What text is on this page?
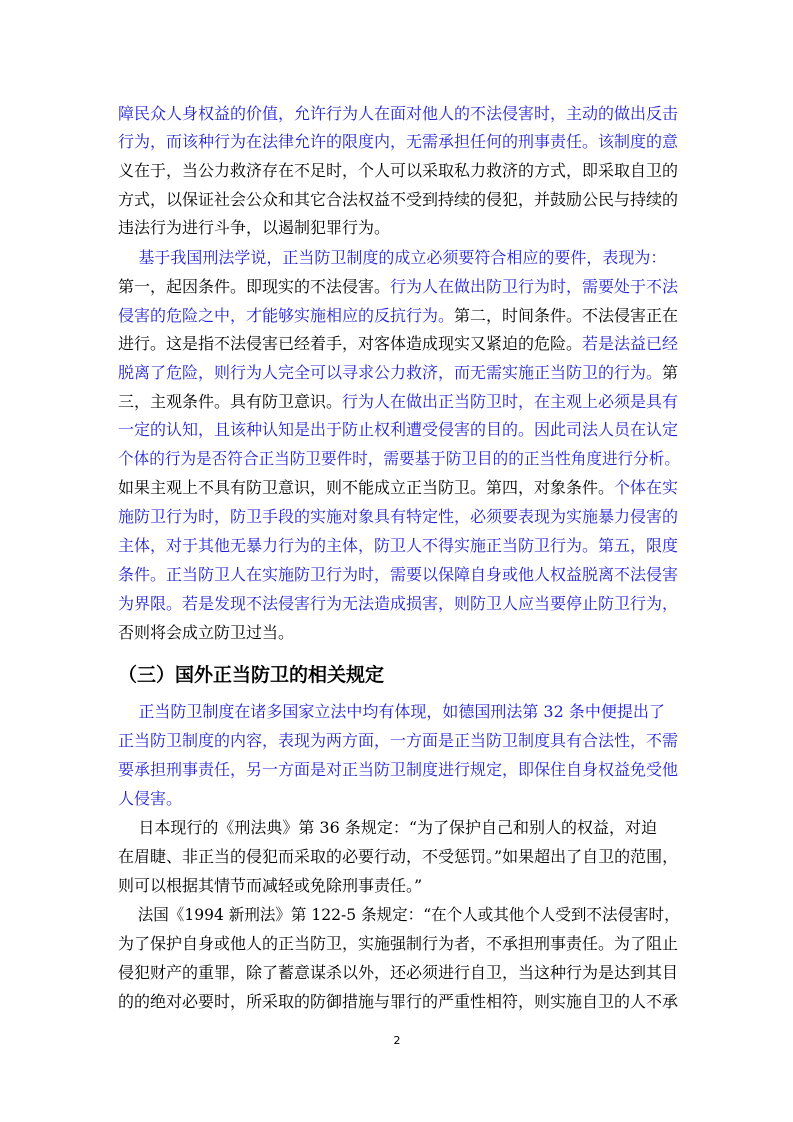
障民众人身权益的价值，允许行为人在面对他人的不法侵害时，主动的做出反击
行为，而该种行为在法律允许的限度内，无需承担任何的刑事责任。该制度的意
义在于，当公力救济存在不足时，个人可以采取私力救济的方式，即采取自卫的
方式，以保证社会公众和其它合法权益不受到持续的侵犯，并鼓励公民与持续的
违法行为进行斗争，以遏制犯罪行为。
基于我国刑法学说，正当防卫制度的成立必须要符合相应的要件，表现为：
第一，起因条件。即现实的不法侵害。行为人在做出防卫行为时，需要处于不法
侵害的危险之中，才能够实施相应的反抗行为。第二，时间条件。不法侵害正在
进行。这是指不法侵害已经着手，对客体造成现实又紧迫的危险。若是法益已经
脱离了危险，则行为人完全可以寻求公力救济，而无需实施正当防卫的行为。第
三，主观条件。具有防卫意识。行为人在做出正当防卫时，在主观上必须是具有
一定的认知，且该种认知是出于防止权利遭受侵害的目的。因此司法人员在认定
个体的行为是否符合正当防卫要件时，需要基于防卫目的的正当性角度进行分析。
如果主观上不具有防卫意识，则不能成立正当防卫。第四，对象条件。个体在实
施防卫行为时，防卫手段的实施对象具有特定性，必须要表现为实施暴力侵害的
主体，对于其他无暴力行为的主体，防卫人不得实施正当防卫行为。第五，限度
条件。正当防卫人在实施防卫行为时，需要以保障自身或他人权益脱离不法侵害
为界限。若是发现不法侵害行为无法造成损害，则防卫人应当要停止防卫行为，
否则将会成立防卫过当。
正当防卫制度在诸多国家立法中均有体现，如德国刑法第 32 条中便提出了
正当防卫制度的内容，表现为两方面，一方面是正当防卫制度具有合法性，不需
要承担刑事责任，另一方面是对正当防卫制度进行规定，即保住自身权益免受他
人侵害。
日本现行的《刑法典》第 36 条规定：“为了保护自己和别人的权益，对迫
在眉睫、非正当的侵犯而采取的必要行动，不受惩罚。”如果超出了自卫的范围，
则可以根据其情节而减轻或免除刑事责任。”
法国《1994 新刑法》第 122-5 条规定：“在个人或其他个人受到不法侵害时，
为了保护自身或他人的正当防卫，实施强制行为者，不承担刑事责任。为了阻止
侵犯财产的重罪，除了蓄意谋杀以外，还必须进行自卫，当这种行为是达到其目
的的绝对必要时，所采取的防御措施与罪行的严重性相符，则实施自卫的人不承
（三）国外正当防卫的相关规定
2
